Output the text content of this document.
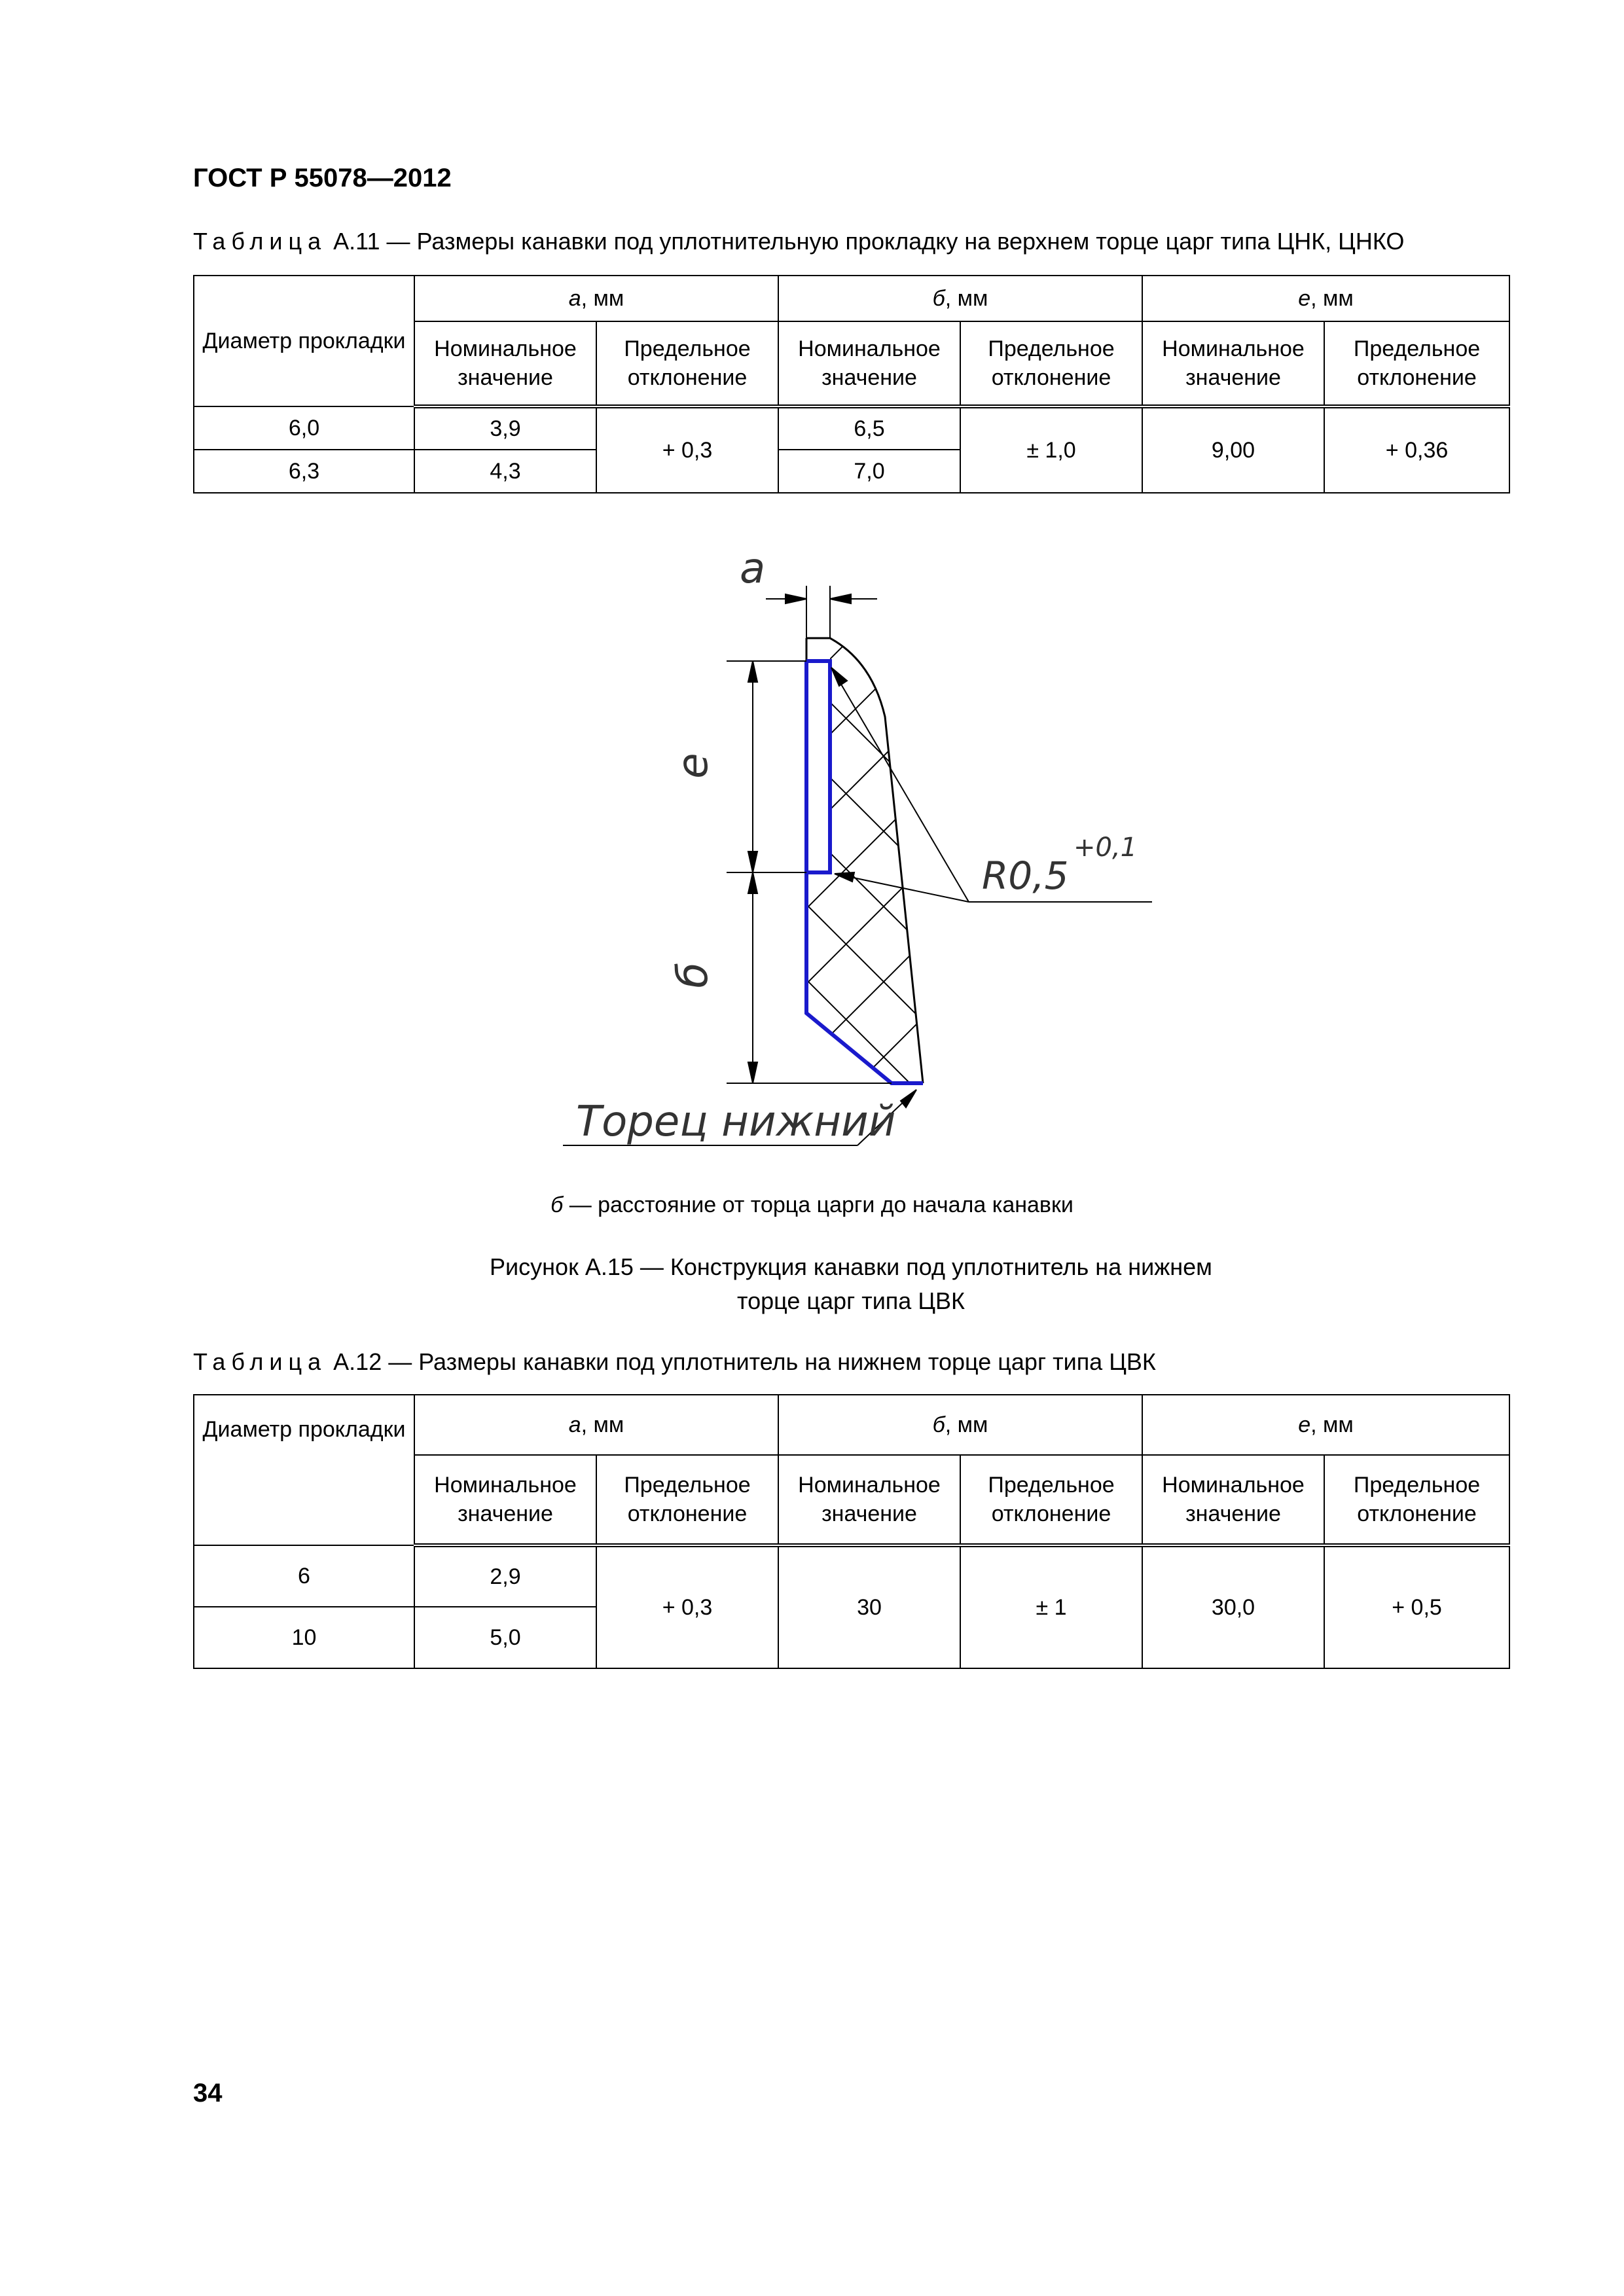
ГОСТ Р 55078—2012
Таблица А.11 — Размеры канавки под уплотнительную прокладку на верхнем торце царг типа ЦНК, ЦНКО
Диаметр прокладки	а, мм		б, мм		е, мм	
	Номинальное значение	Предельное отклонение	Номинальное значение	Предельное отклонение	Номинальное значение	Предельное отклонение
6,0	3,9	+ 0,3	6,5	± 1,0	9,00	+ 0,36
6,3	4,3		7,0			
а
е
б
R0,5
+0,1
Торец нижний
б — расстояние от торца царги до начала канавки
Рисунок А.15 — Конструкция канавки под уплотнитель на нижнем
торце царг типа ЦВК
Таблица А.12 — Размеры канавки под уплотнитель на нижнем торце царг типа ЦВК
Диаметр прокладки	а, мм		б, мм		е, мм	
	Номинальное значение	Предельное отклонение	Номинальное значение	Предельное отклонение	Номинальное значение	Предельное отклонение
6	2,9	+ 0,3	30	± 1	30,0	+ 0,5
10	5,0					
34
